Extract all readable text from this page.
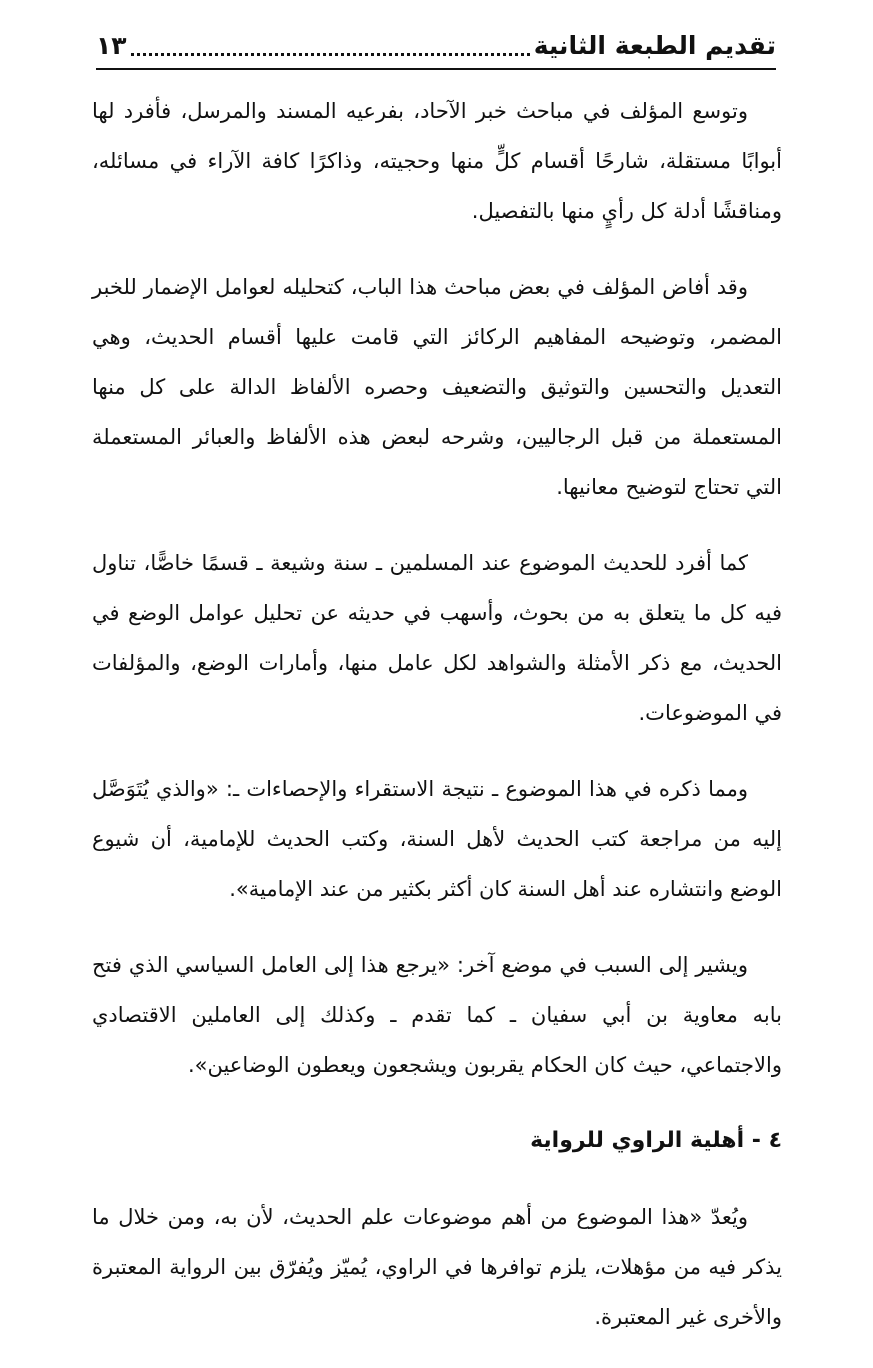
تقديم الطبعة الثانية
١٣

وتوسع المؤلف في مباحث خبر الآحاد، بفرعيه المسند والمرسل، فأفرد لها أبوابًا مستقلة، شارحًا أقسام كلٍّ منها وحجيته، وذاكرًا كافة الآراء في مسائله، ومناقشًا أدلة كل رأيٍ منها بالتفصيل.

وقد أفاض المؤلف في بعض مباحث هذا الباب، كتحليله لعوامل الإضمار للخبر المضمر، وتوضيحه المفاهيم الركائز التي قامت عليها أقسام الحديث، وهي التعديل والتحسين والتوثيق والتضعيف وحصره الألفاظ الدالة على كل منها المستعملة من قبل الرجاليين، وشرحه لبعض هذه الألفاظ والعبائر المستعملة التي تحتاج لتوضيح معانيها.

كما أفرد للحديث الموضوع عند المسلمين ـ سنة وشيعة ـ قسمًا خاصًّا، تناول فيه كل ما يتعلق به من بحوث، وأسهب في حديثه عن تحليل عوامل الوضع في الحديث، مع ذكر الأمثلة والشواهد لكل عامل منها، وأمارات الوضع، والمؤلفات في الموضوعات.

ومما ذكره في هذا الموضوع ـ نتيجة الاستقراء والإحصاءات ـ: «والذي يُتَوَصَّل إليه من مراجعة كتب الحديث لأهل السنة، وكتب الحديث للإمامية، أن شيوع الوضع وانتشاره عند أهل السنة كان أكثر بكثير من عند الإمامية».

ويشير إلى السبب في موضع آخر: «يرجع هذا إلى العامل السياسي الذي فتح بابه معاوية بن أبي سفيان ـ كما تقدم ـ وكذلك إلى العاملين الاقتصادي والاجتماعي، حيث كان الحكام يقربون ويشجعون ويعطون الوضاعين».

٤ - أهلية الراوي للرواية

ويُعدّ «هذا الموضوع من أهم موضوعات علم الحديث، لأن به، ومن خلال ما يذكر فيه من مؤهلات، يلزم توافرها في الراوي، يُميّز ويُفرّق بين الرواية المعتبرة والأخرى غير المعتبرة.
